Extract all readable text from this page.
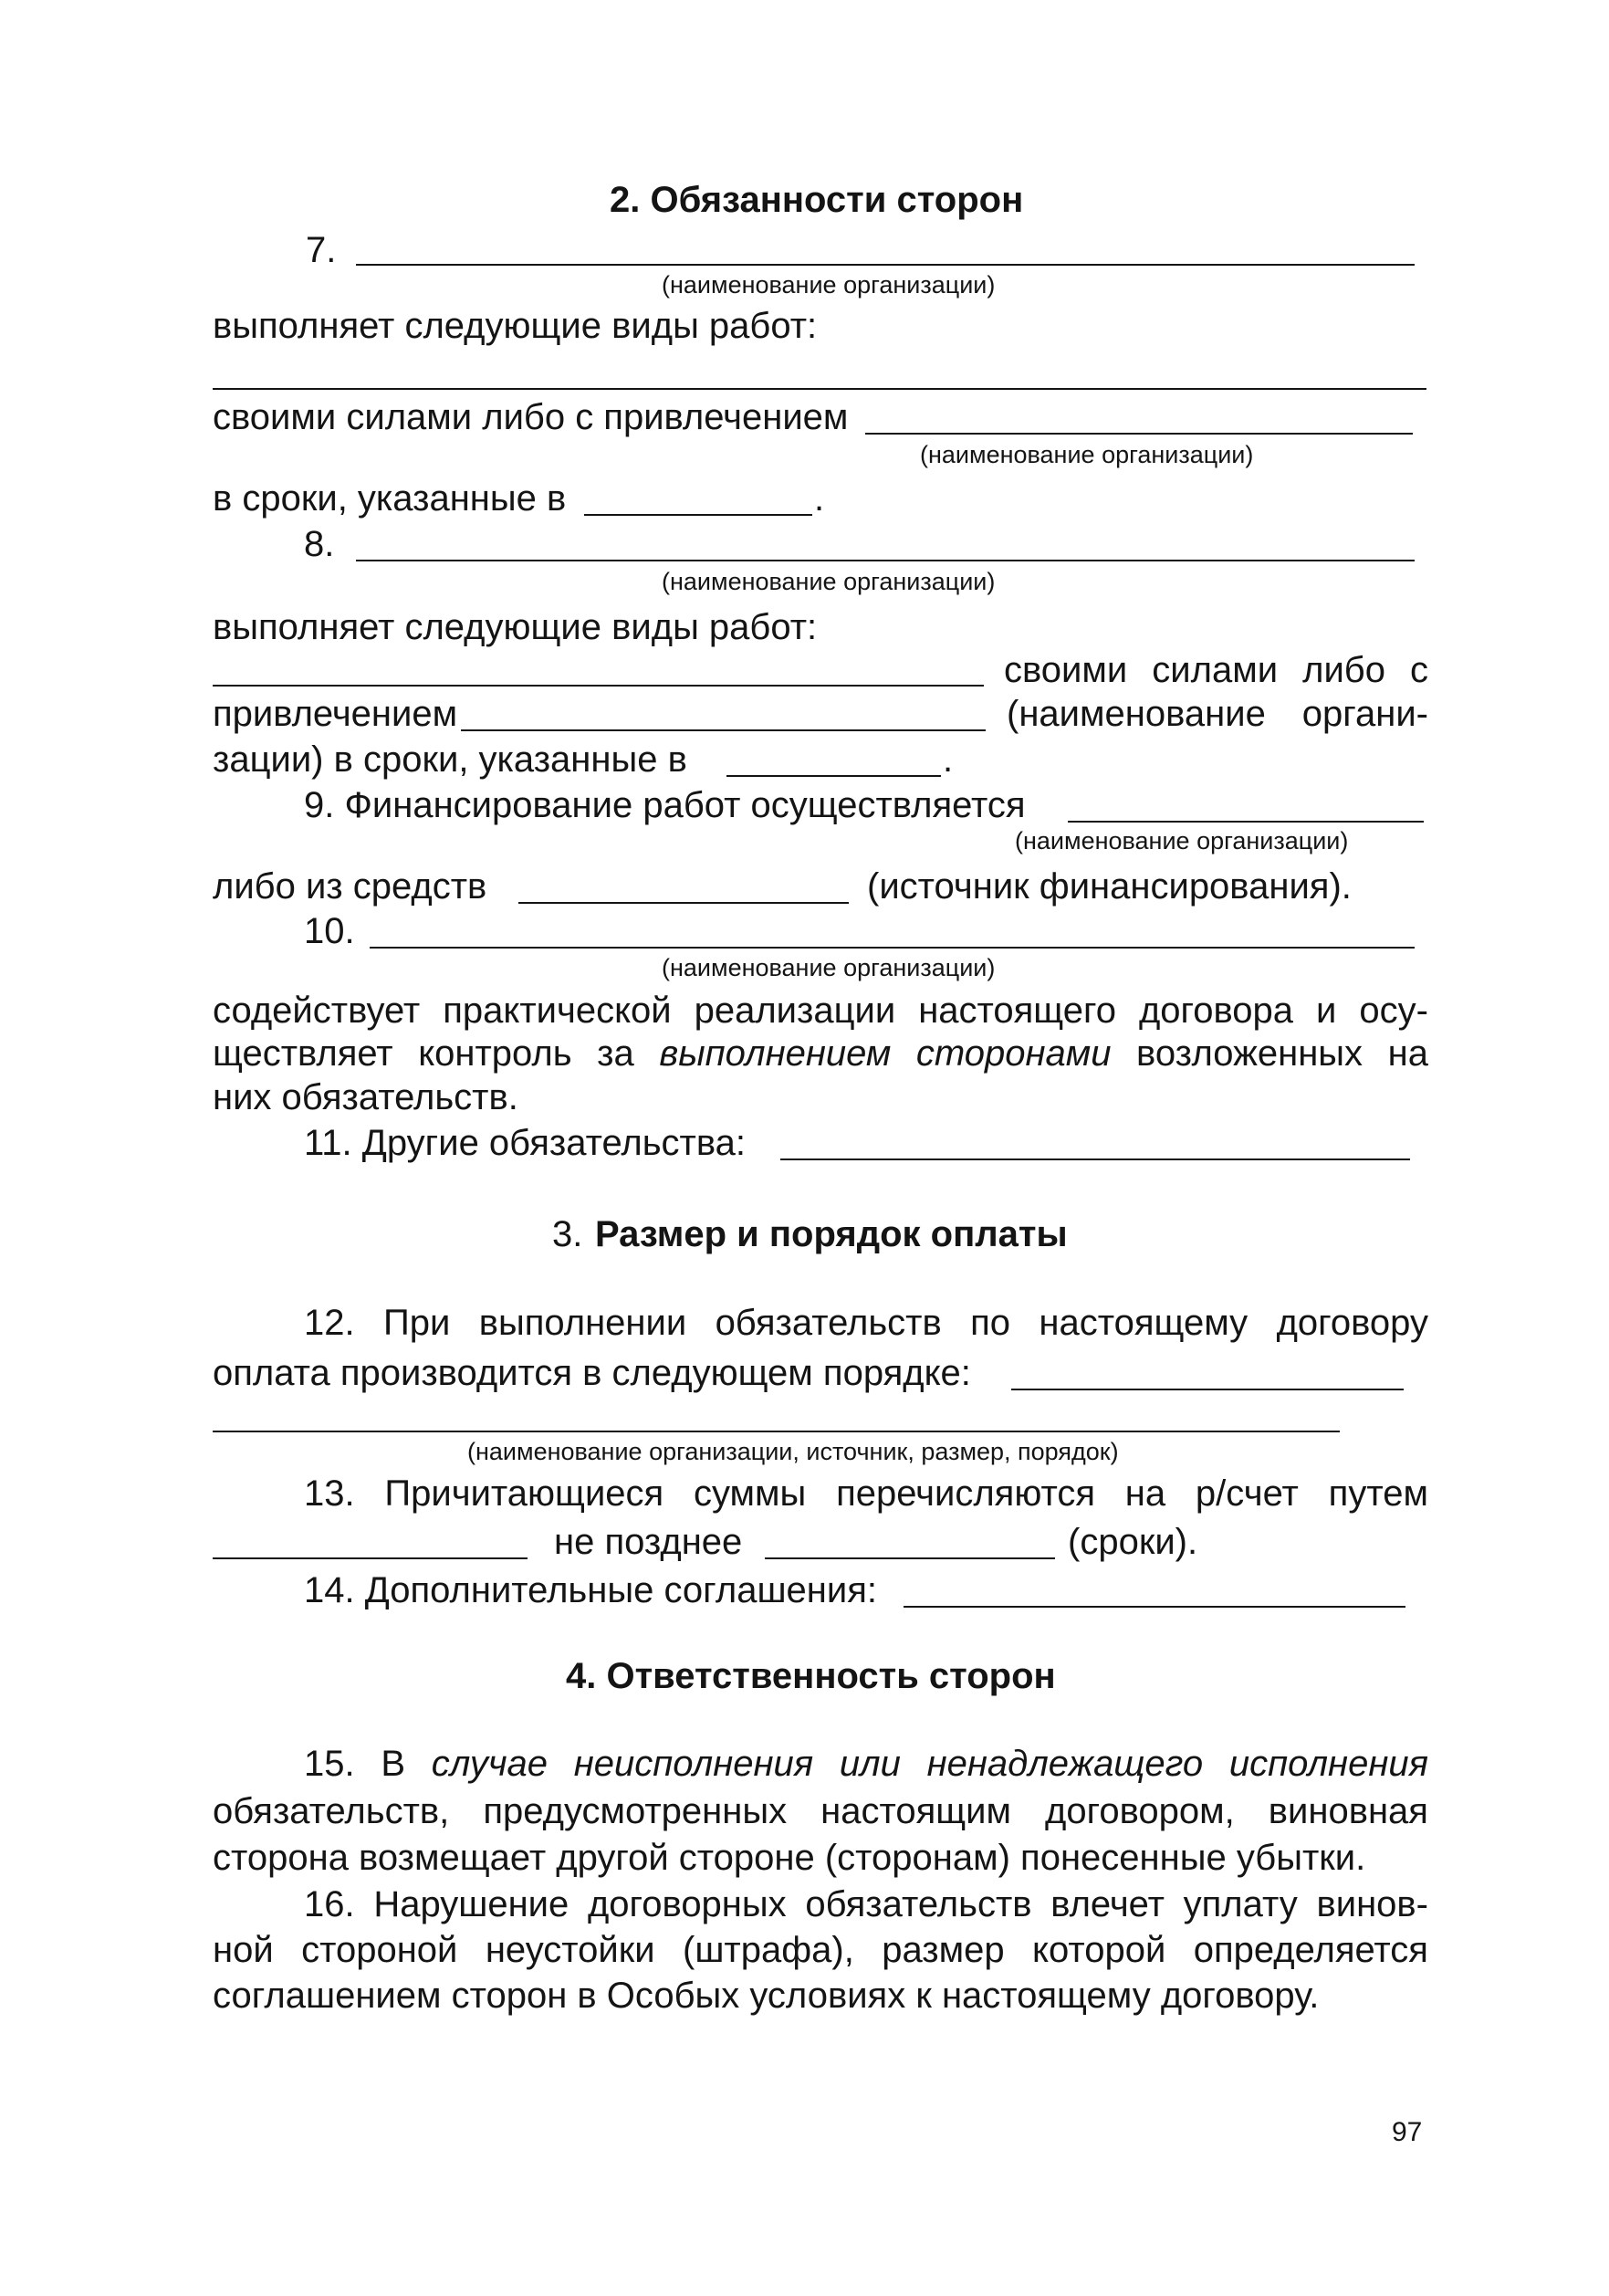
2. Обязанности сторон
7.
(наименование организации)
выполняет следующие виды работ:
своими силами либо с привлечением
(наименование организации)
в сроки, указанные в	.
8.
(наименование организации)
выполняет следующие виды работ:
своими силами либо с
привлечением	(наименование органи-
зации) в сроки, указанные в	.
9. Финансирование работ осуществляется
(наименование организации)
либо из средств	(источник финансирования).
10.
(наименование организации)
содействует практической реализации настоящего договора и осу-
ществляет контроль за выполнением сторонами возложенных на
них обязательств.
11. Другие обязательства:
3. Размер и порядок оплаты
12. При выполнении обязательств по настоящему договору
оплата производится в следующем порядке:
(наименование организации, источник, размер, порядок)
13. Причитающиеся суммы перечисляются на р/счет путем
не позднее	(сроки).
14. Дополнительные соглашения:
4. Ответственность сторон
15. В случае неисполнения или ненадлежащего исполнения
обязательств, предусмотренных настоящим договором, виновная
сторона возмещает другой стороне (сторонам) понесенные убытки.
16. Нарушение договорных обязательств влечет уплату винов-
ной стороной неустойки (штрафа), размер которой определяется
соглашением сторон в Особых условиях к настоящему договору.
97
